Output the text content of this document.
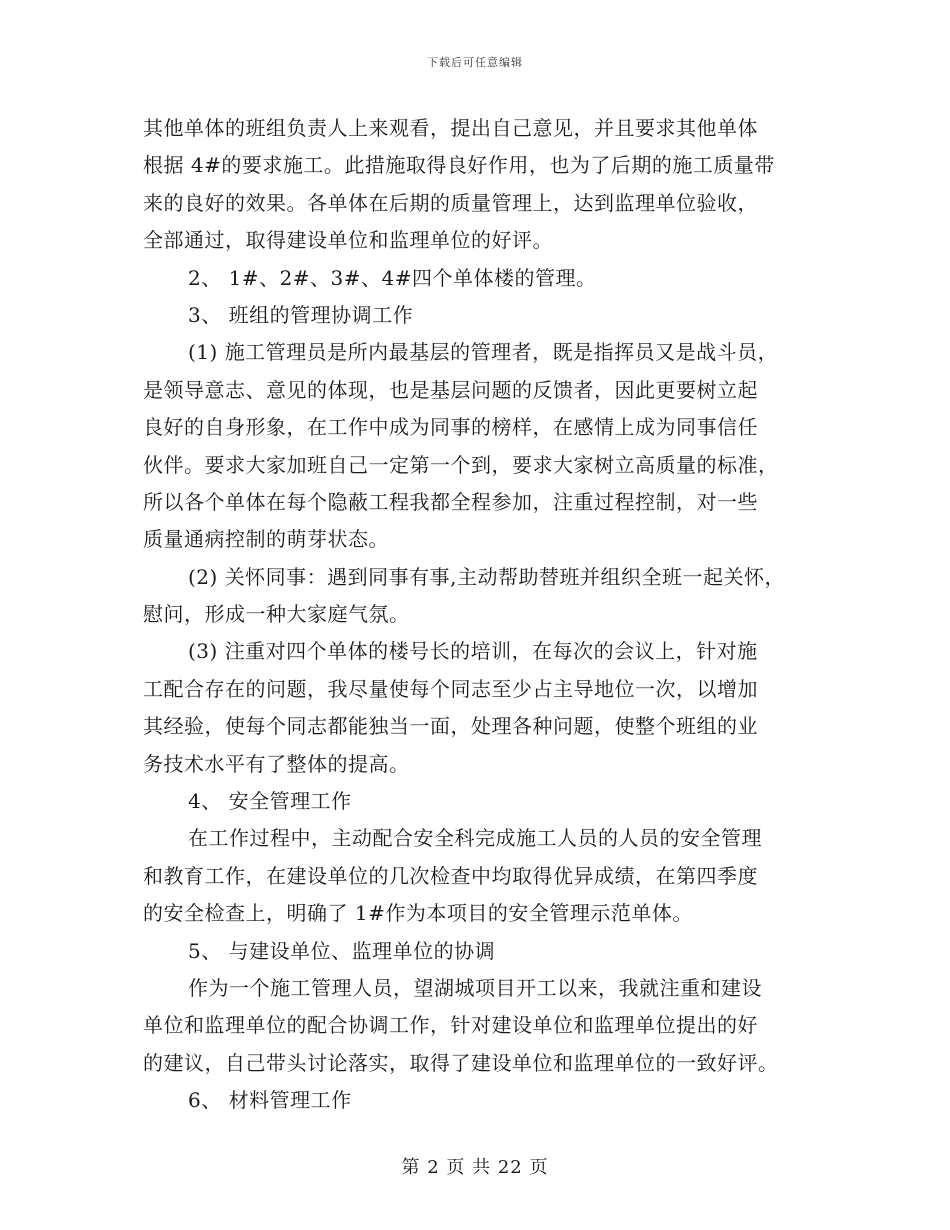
下载后可任意编辑
其他单体的班组负责人上来观看，提出自己意见，并且要求其他单体
根据 4#的要求施工。此措施取得良好作用，也为了后期的施工质量带
来的良好的效果。各单体在后期的质量管理上，达到监理单位验收，
全部通过，取得建设单位和监理单位的好评。
2、 1#、2#、3#、4#四个单体楼的管理。
3、 班组的管理协调工作
(1) 施工管理员是所内最基层的管理者，既是指挥员又是战斗员，
是领导意志、意见的体现，也是基层问题的反馈者，因此更要树立起
良好的自身形象，在工作中成为同事的榜样，在感情上成为同事信任
伙伴。要求大家加班自己一定第一个到，要求大家树立高质量的标准，
所以各个单体在每个隐蔽工程我都全程参加，注重过程控制，对一些
质量通病控制的萌芽状态。
(2) 关怀同事：遇到同事有事,主动帮助替班并组织全班一起关怀，
慰问，形成一种大家庭气氛。
(3) 注重对四个单体的楼号长的培训，在每次的会议上，针对施
工配合存在的问题，我尽量使每个同志至少占主导地位一次，以增加
其经验，使每个同志都能独当一面，处理各种问题，使整个班组的业
务技术水平有了整体的提高。
4、 安全管理工作
在工作过程中，主动配合安全科完成施工人员的人员的安全管理
和教育工作，在建设单位的几次检查中均取得优异成绩，在第四季度
的安全检查上，明确了 1#作为本项目的安全管理示范单体。
5、 与建设单位、监理单位的协调
作为一个施工管理人员，望湖城项目开工以来，我就注重和建设
单位和监理单位的配合协调工作，针对建设单位和监理单位提出的好
的建议，自己带头讨论落实，取得了建设单位和监理单位的一致好评。
6、 材料管理工作
第 2 页 共 22 页
